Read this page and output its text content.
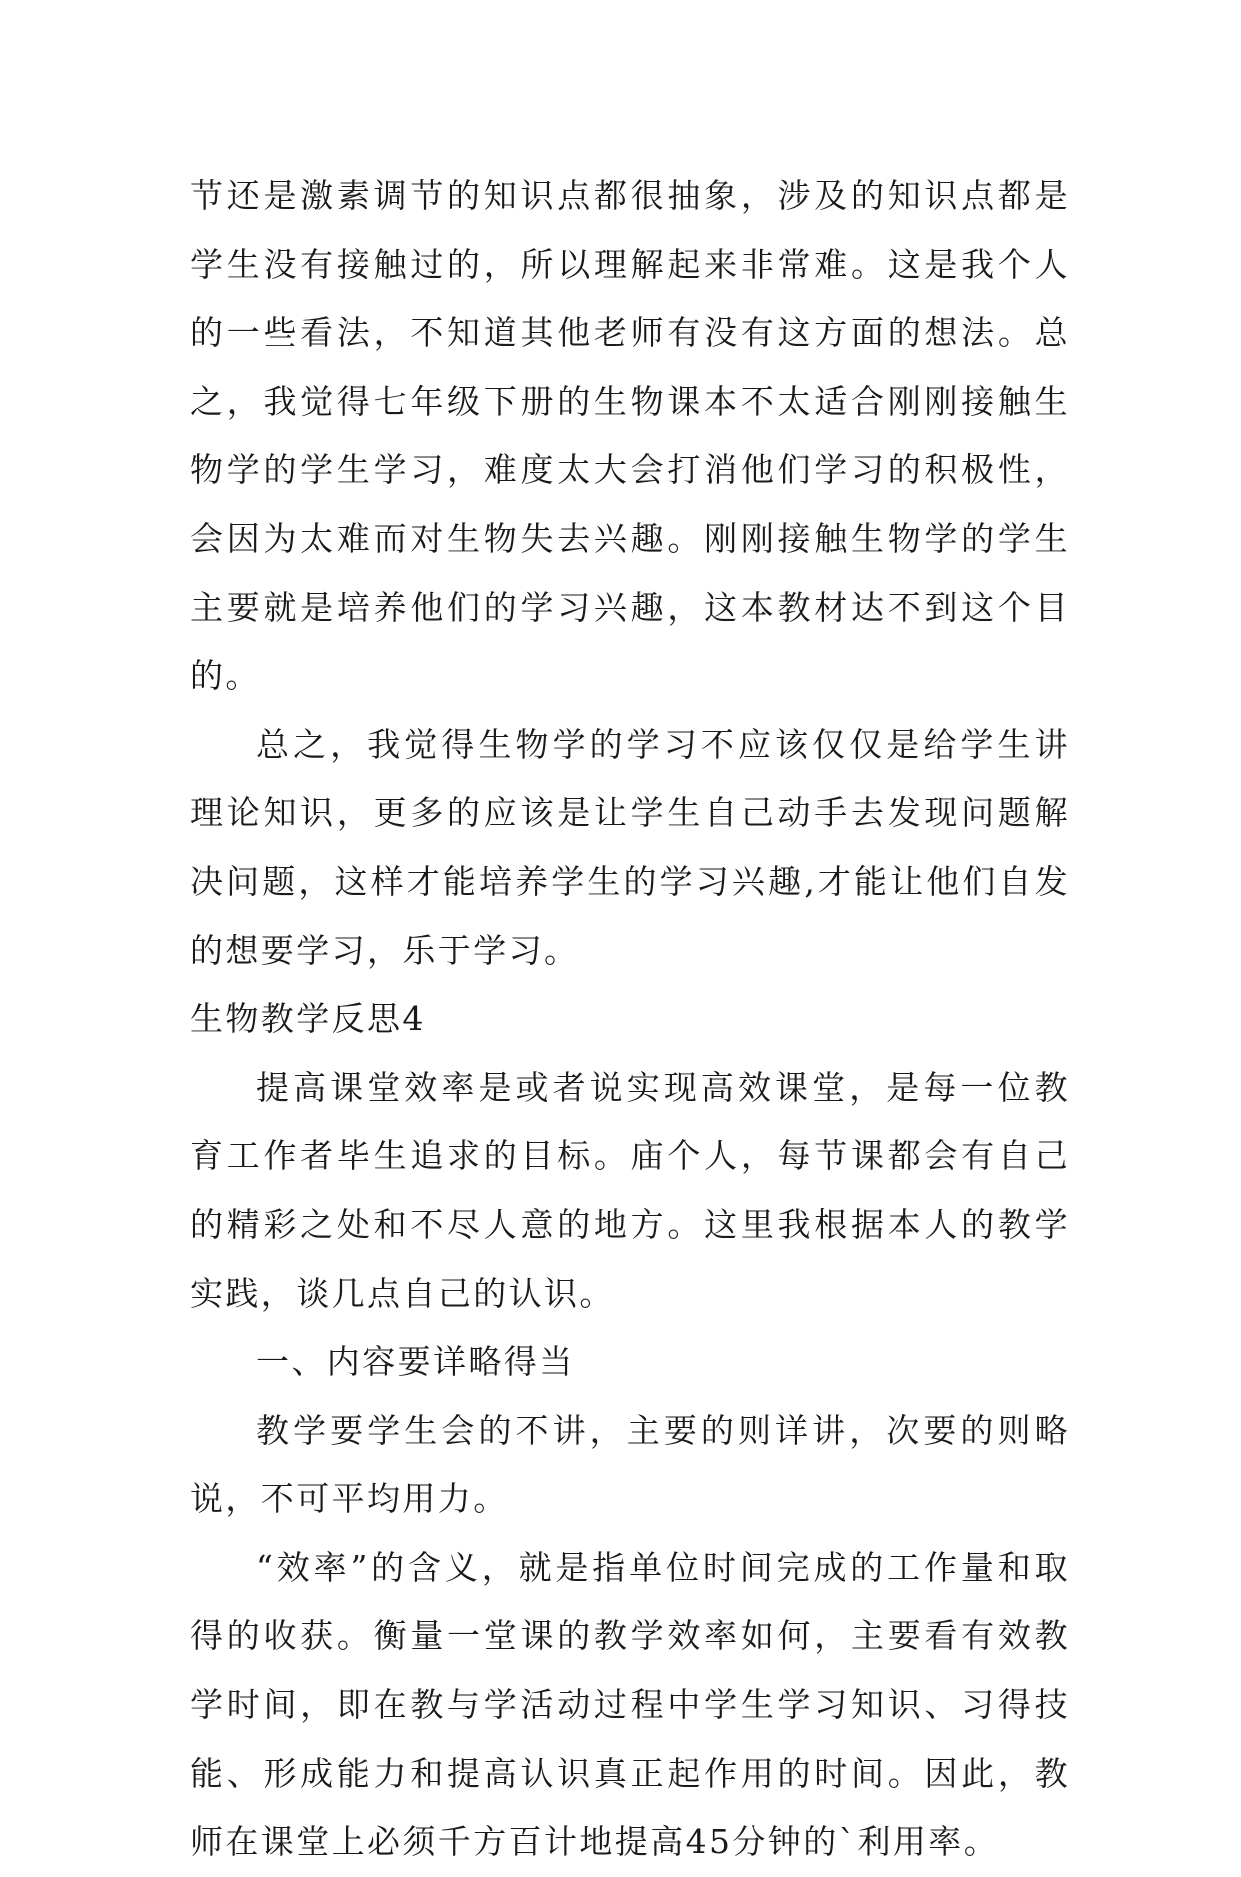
节还是激素调节的知识点都很抽象，涉及的知识点都是学生没有接触过的，所以理解起来非常难。这是我个人的一些看法，不知道其他老师有没有这方面的想法。总之，我觉得七年级下册的生物课本不太适合刚刚接触生物学的学生学习，难度太大会打消他们学习的积极性，会因为太难而对生物失去兴趣。刚刚接触生物学的学生主要就是培养他们的学习兴趣，这本教材达不到这个目的。

总之，我觉得生物学的学习不应该仅仅是给学生讲理论知识，更多的应该是让学生自己动手去发现问题解决问题，这样才能培养学生的学习兴趣,才能让他们自发的想要学习，乐于学习。

生物教学反思4

提高课堂效率是或者说实现高效课堂，是每一位教育工作者毕生追求的目标。庙个人，每节课都会有自己的精彩之处和不尽人意的地方。这里我根据本人的教学实践，谈几点自己的认识。

一、内容要详略得当

教学要学生会的不讲，主要的则详讲，次要的则略说，不可平均用力。

“效率”的含义，就是指单位时间完成的工作量和取得的收获。衡量一堂课的教学效率如何，主要看有效教学时间，即在教与学活动过程中学生学习知识、习得技能、形成能力和提高认识真正起作用的时间。因此，教师在课堂上必须千方百计地提高45分钟的`利用率。
